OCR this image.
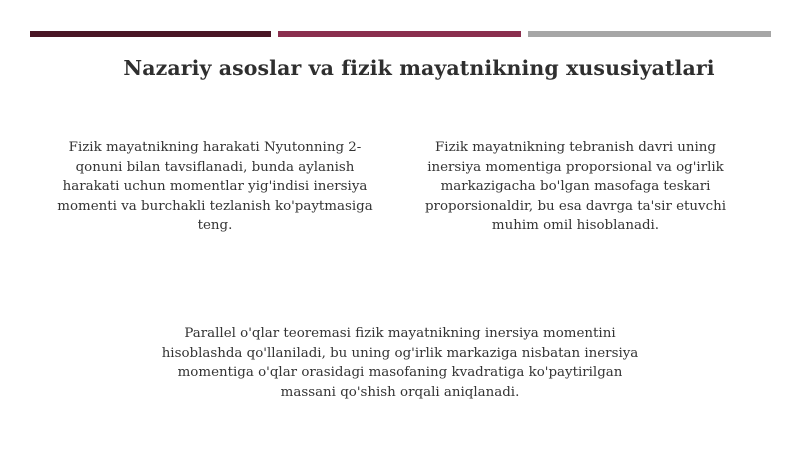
Nazariy asoslar va fizik mayatnikning xususiyatlari
Fizik mayatnikning harakati Nyutonning 2-qonuni bilan tavsiflanadi, bunda aylanish harakati uchun momentlar yig'indisi inersiya momenti va burchakli tezlanish ko'paytmasiga teng.
Fizik mayatnikning tebranish davri uning inersiya momentiga proporsional va og'irlik markazigacha bo'lgan masofaga teskari proporsionaldir, bu esa davrga ta'sir etuvchi muhim omil hisoblanadi.
Parallel o'qlar teoremasi fizik mayatnikning inersiya momentini hisoblashda qo'llaniladi, bu uning og'irlik markaziga nisbatan inersiya momentiga o'qlar orasidagi masofaning kvadratiga ko'paytirilgan massani qo'shish orqali aniqlanadi.
